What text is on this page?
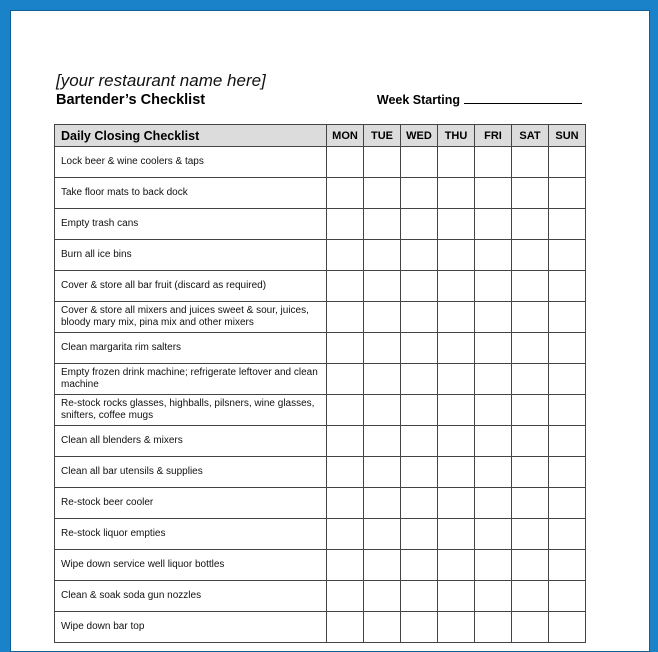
[your restaurant name here]
Bartender’s Checklist	Week Starting
Daily Closing Checklist	MON	TUE	WED	THU	FRI	SAT	SUN
Lock beer & wine coolers & taps							
Take floor mats to back dock							
Empty trash cans							
Burn all ice bins							
Cover & store all bar fruit (discard as required)							
Cover & store all mixers and juices sweet & sour, juices, bloody mary mix, pina mix and other mixers							
Clean margarita rim salters							
Empty frozen drink machine; refrigerate leftover and clean machine							
Re-stock rocks glasses, highballs, pilsners, wine glasses, snifters, coffee mugs							
Clean all blenders & mixers							
Clean all bar utensils & supplies							
Re-stock beer cooler							
Re-stock liquor empties							
Wipe down service well liquor bottles							
Clean & soak soda gun nozzles							
Wipe down bar top							
